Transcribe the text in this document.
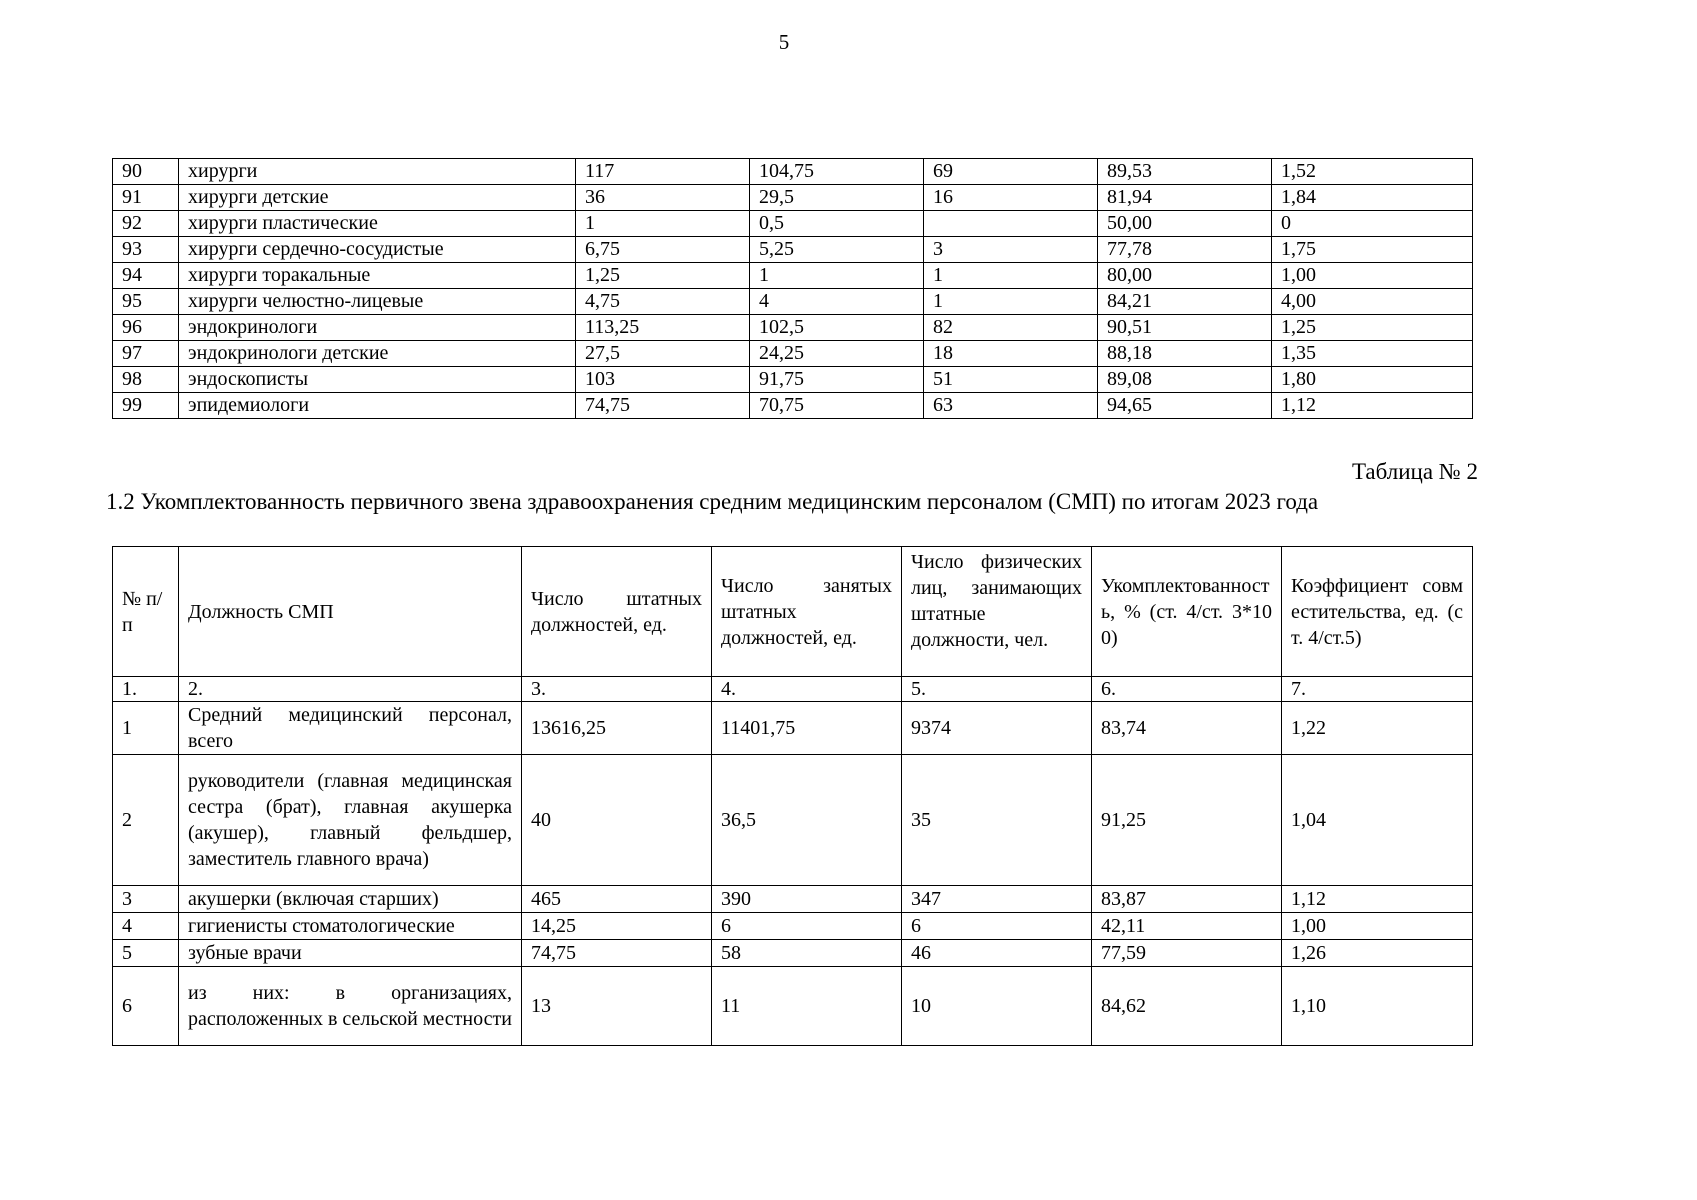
5
90	хирурги	117	104,75	69	89,53	1,52
91	хирурги детские	36	29,5	16	81,94	1,84
92	хирурги пластические	1	0,5		50,00	0
93	хирурги сердечно-сосудистые	6,75	5,25	3	77,78	1,75
94	хирурги торакальные	1,25	1	1	80,00	1,00
95	хирурги челюстно-лицевые	4,75	4	1	84,21	4,00
96	эндокринологи	113,25	102,5	82	90,51	1,25
97	эндокринологи детские	27,5	24,25	18	88,18	1,35
98	эндоскописты	103	91,75	51	89,08	1,80
99	эпидемиологи	74,75	70,75	63	94,65	1,12
Таблица № 2
1.2 Укомплектованность первичного звена здравоохранения средним медицинским персоналом (СМП) по итогам 2023 года
№ п/п	Должность СМП	Число штатных должностей, ед.	Число занятых штатных должностей, ед.	Число физических лиц, занимающих штатные должности, чел.	Укомплектованность, % (ст. 4/ст. 3*100)	Коэффициент совместительства, ед. (ст. 4/ст.5)
1.	2.	3.	4.	5.	6.	7.
1	Средний медицинский персонал, всего	13616,25	11401,75	9374	83,74	1,22
2	руководители (главная медицинская сестра (брат), главная акушерка (акушер), главный фельдшер, заместитель главного врача)	40	36,5	35	91,25	1,04
3	акушерки (включая старших)	465	390	347	83,87	1,12
4	гигиенисты стоматологические	14,25	6	6	42,11	1,00
5	зубные врачи	74,75	58	46	77,59	1,26
6	из них: в организациях, расположенных в сельской местности	13	11	10	84,62	1,10
